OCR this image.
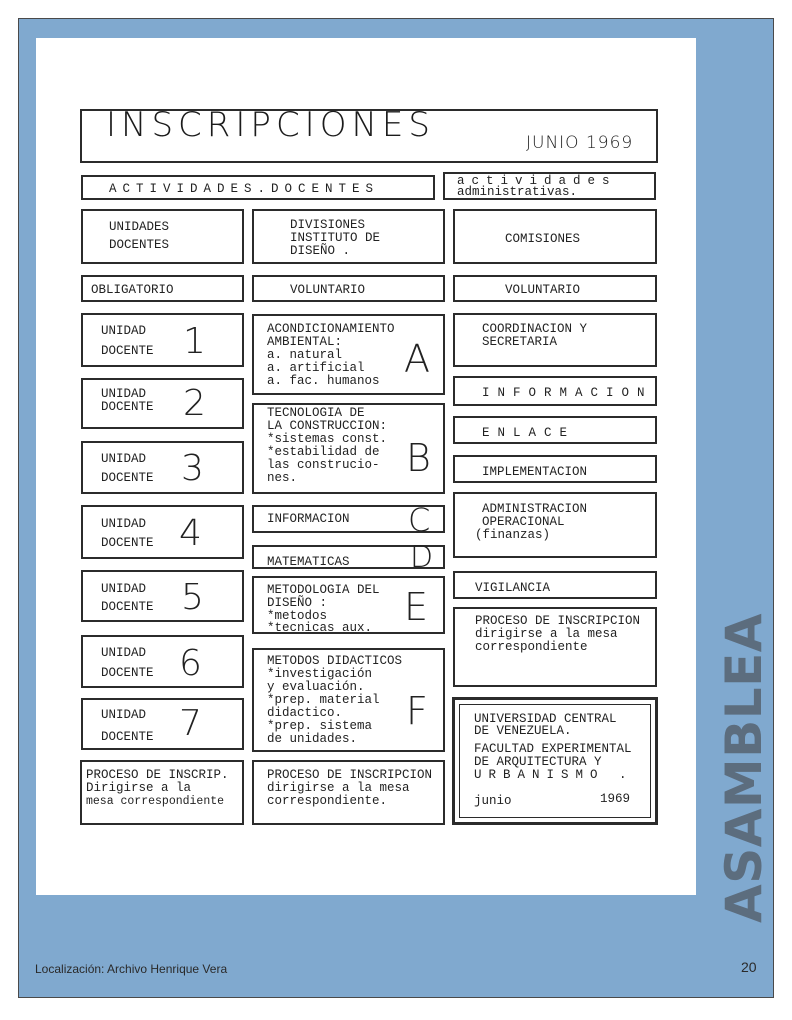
INSCRIPCIONES	JUNIO 1969
ACTIVIDADES.DOCENTES
actividades
administrativas.
UNIDADES
DOCENTES
DIVISIONES
INSTITUTO DE
DISEÑO .
COMISIONES
OBLIGATORIO	VOLUNTARIO	VOLUNTARIO
UNIDAD
DOCENTE 1
UNIDAD
DOCENTE 2
UNIDAD
DOCENTE 3
UNIDAD
DOCENTE 4
UNIDAD
DOCENTE 5
UNIDAD
DOCENTE 6
UNIDAD
DOCENTE 7
ACONDICIONAMIENTO
AMBIENTAL:
a. natural
a. artificial
a. fac. humanos A
TECNOLOGIA DE
LA CONSTRUCCION:
*sistemas const.
*estabilidad de
las construcio-
nes.	B
INFORMACION C
MATEMATICAS D
METODOLOGIA DEL
DISEÑO :
*metodos
*tecnicas aux. E
METODOS DIDACTICOS
*investigación
y evaluación.
*prep. material
didactico.
*prep. sistema
de unidades.
F
COORDINACION Y
SECRETARIA
INFORMACION
ENLACE
IMPLEMENTACION
ADMINISTRACION
OPERACIONAL
(finanzas)
VIGILANCIA
PROCESO DE INSCRIPCION
dirigirse a la mesa
correspondiente
PROCESO DE INSCRIP.
Dirigirse a la
mesa correspondiente
PROCESO DE INSCRIPCION
dirigirse a la mesa
correspondiente.
UNIVERSIDAD CENTRAL
DE VENEZUELA.
FACULTAD EXPERIMENTAL
DE ARQUITECTURA Y
URBANISMO .
junio	1969 ASAMBLEA
Localización: Archivo Henrique Vera	20
